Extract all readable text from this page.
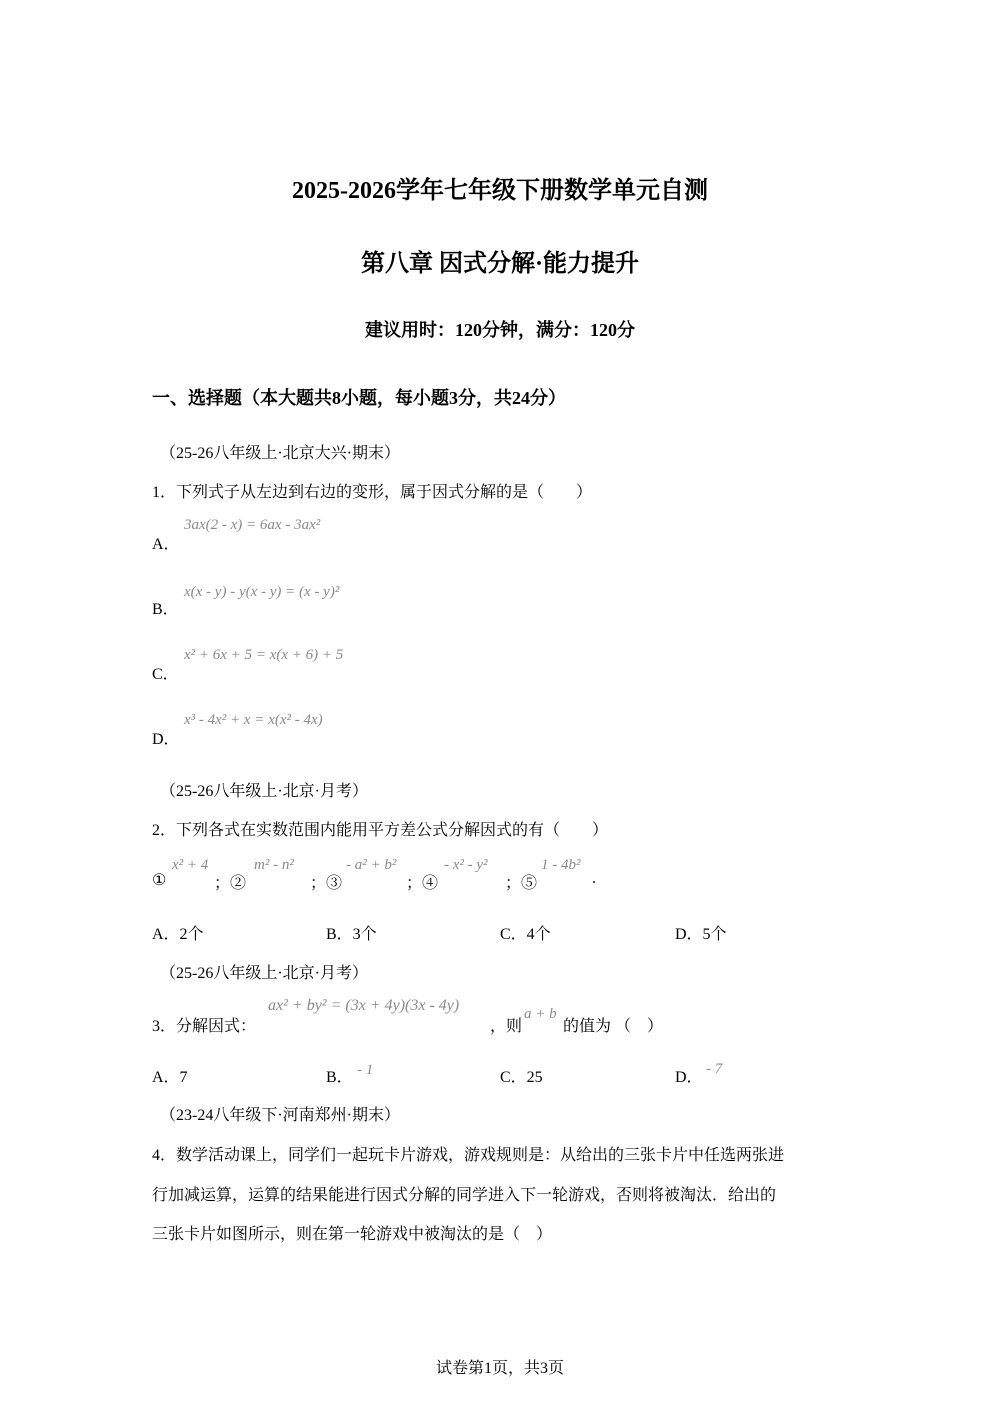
2025-2026学年七年级下册数学单元自测
第八章 因式分解·能力提升
建议用时：120分钟，满分：120分
一、选择题（本大题共8小题，每小题3分，共24分）
（25-26八年级上·北京大兴·期末）
1．下列式子从左边到右边的变形，属于因式分解的是（　　）
A．
3ax(2 - x) = 6ax - 3ax²
B．
x(x - y) - y(x - y) = (x - y)²
C．
x² + 6x + 5 = x(x + 6) + 5
D．
x³ - 4x² + x = x(x² - 4x)
（25-26八年级上·北京·月考）
2．下列各式在实数范围内能用平方差公式分解因式的有（　　）
①
x² + 4
；②
m² - n²
；③
- a² + b²
；④
- x² - y²
；⑤
1 - 4b²
.
A．2个	B．3个	C．4个	D．5个
（25-26八年级上·北京·月考）
3．分解因式：
ax² + by² = (3x + 4y)(3x - 4y)
，则
a + b
的值为 （　）
A．7	B． - 1	C．25	D． - 7
（23-24八年级下·河南郑州·期末）
4．数学活动课上，同学们一起玩卡片游戏，游戏规则是：从给出的三张卡片中任选两张进
行加减运算，运算的结果能进行因式分解的同学进入下一轮游戏，否则将被淘汰．给出的
三张卡片如图所示，则在第一轮游戏中被淘汰的是（　）
试卷第1页，共3页
